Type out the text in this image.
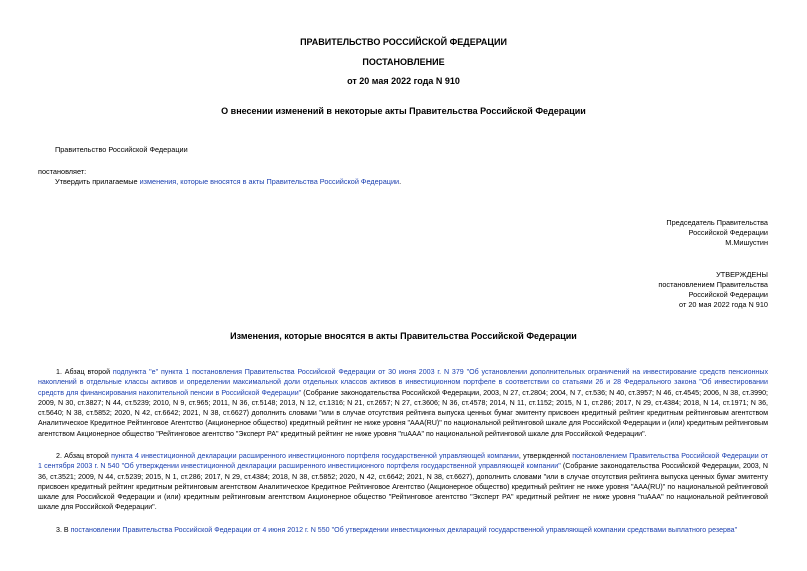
ПРАВИТЕЛЬСТВО РОССИЙСКОЙ ФЕДЕРАЦИИ
ПОСТАНОВЛЕНИЕ
от 20 мая 2022 года N 910
О внесении изменений в некоторые акты Правительства Российской Федерации
Правительство Российской Федерации
постановляет:
Утвердить прилагаемые изменения, которые вносятся в акты Правительства Российской Федерации.
Председатель Правительства
Российской Федерации
М.Мишустин
УТВЕРЖДЕНЫ
постановлением Правительства
Российской Федерации
от 20 мая 2022 года N 910
Изменения, которые вносятся в акты Правительства Российской Федерации
1. Абзац второй подпункта "е" пункта 1 постановления Правительства Российской Федерации от 30 июня 2003 г. N 379 "Об установлении дополнительных ограничений на инвестирование средств пенсионных накоплений в отдельные классы активов и определении максимальной доли отдельных классов активов в инвестиционном портфеле в соответствии со статьями 26 и 28 Федерального закона "Об инвестировании средств для финансирования накопительной пенсии в Российской Федерации" (Собрание законодательства Российской Федерации, 2003, N 27, ст.2804; 2004, N 7, ст.536; N 40, ст.3957; N 46, ст.4545; 2006, N 38, ст.3990; 2009, N 30, ст.3827; N 44, ст.5239; 2010, N 9, ст.965; 2011, N 36, ст.5148; 2013, N 12, ст.1316; N 21, ст.2657; N 27, ст.3606; N 36, ст.4578; 2014, N 11, ст.1152; 2015, N 1, ст.286; 2017, N 29, ст.4384; 2018, N 14, ст.1971; N 36, ст.5640; N 38, ст.5852; 2020, N 42, ст.6642; 2021, N 38, ст.6627) дополнить словами "или в случае отсутствия рейтинга выпуска ценных бумаг эмитенту присвоен кредитный рейтинг кредитным рейтинговым агентством Аналитическое Кредитное Рейтинговое Агентство (Акционерное общество) кредитный рейтинг не ниже уровня "AAA(RU)" по национальной рейтинговой шкале для Российской Федерации и (или) кредитным рейтинговым агентством Акционерное общество "Рейтинговое агентство "Эксперт РА" кредитный рейтинг не ниже уровня "ruAAA" по национальной рейтинговой шкале для Российской Федерации".
2. Абзац второй пункта 4 инвестиционной декларации расширенного инвестиционного портфеля государственной управляющей компании, утвержденной постановлением Правительства Российской Федерации от 1 сентября 2003 г. N 540 "Об утверждении инвестиционной декларации расширенного инвестиционного портфеля государственной управляющей компании" (Собрание законодательства Российской Федерации, 2003, N 36, ст.3521; 2009, N 44, ст.5239; 2015, N 1, ст.286; 2017, N 29, ст.4384; 2018, N 38, ст.5852; 2020, N 42, ст.6642; 2021, N 38, ст.6627), дополнить словами "или в случае отсутствия рейтинга выпуска ценных бумаг эмитенту присвоен кредитный рейтинг кредитным рейтинговым агентством Аналитическое Кредитное Рейтинговое Агентство (Акционерное общество) кредитный рейтинг не ниже уровня "AAA(RU)" по национальной рейтинговой шкале для Российской Федерации и (или) кредитным рейтинговым агентством Акционерное общество "Рейтинговое агентство "Эксперт РА" кредитный рейтинг не ниже уровня "ruAAA" по национальной рейтинговой шкале для Российской Федерации".
3. В постановлении Правительства Российской Федерации от 4 июня 2012 г. N 550 "Об утверждении инвестиционных деклараций государственной управляющей компании средствами выплатного резерва"
